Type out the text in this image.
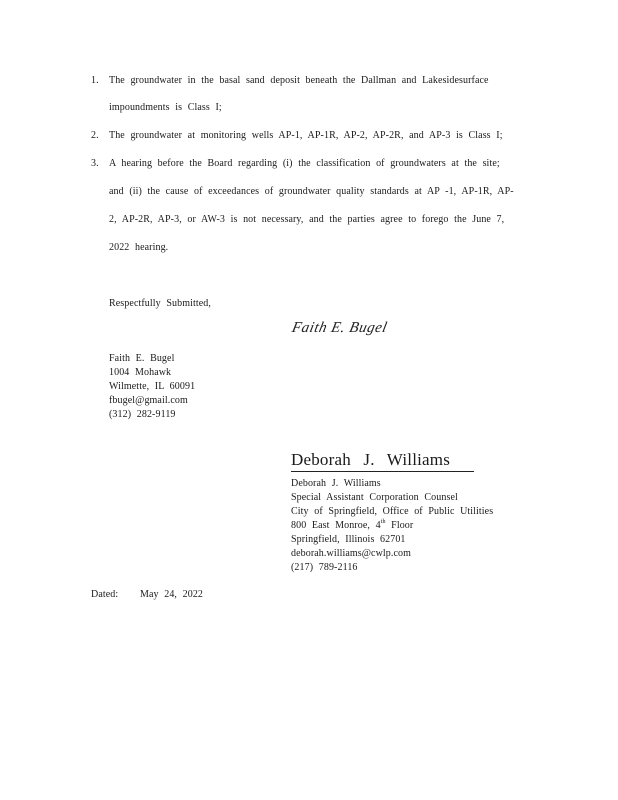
1.	The groundwater in the basal sand deposit beneath the Dallman and Lakesidesurface
impoundments is Class I;
2.	The groundwater at monitoring wells AP-1, AP-1R, AP-2, AP-2R, and AP-3 is Class I;
3.	A hearing before the Board regarding (i) the classification of groundwaters at the site;
and (ii) the cause of exceedances of groundwater quality standards at AP -1, AP-1R, AP-
2, AP-2R, AP-3, or AW-3 is not necessary, and the parties agree to forego the June 7,
2022 hearing.
Respectfully Submitted,
Faith E. Bugel
Faith E. Bugel
1004 Mohawk
Wilmette, IL 60091
fbugel@gmail.com
(312) 282-9119
Deborah J. Williams
Deborah J. Williams
Special Assistant Corporation Counsel
City of Springfield, Office of Public Utilities
800 East Monroe, 4th Floor
Springfield, Illinois 62701
deborah.williams@cwlp.com
(217) 789-2116
Dated: May 24, 2022
